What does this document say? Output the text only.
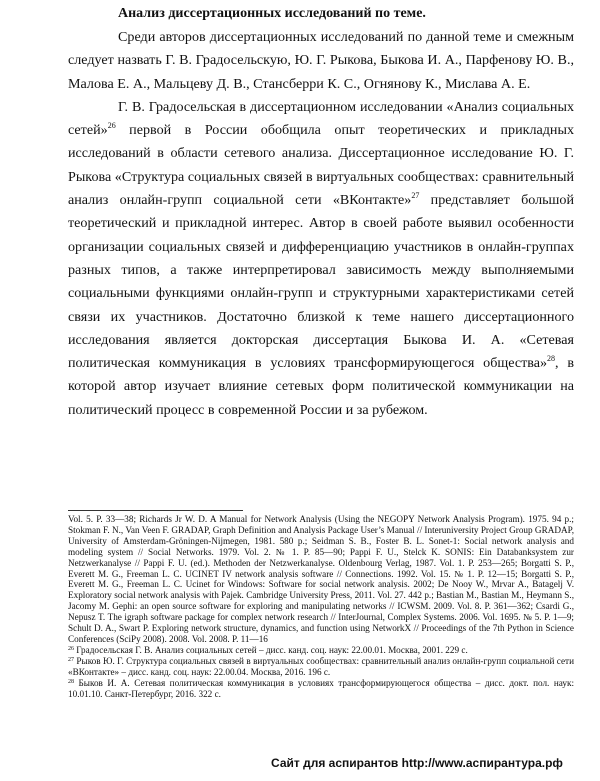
Анализ диссертационных исследований по теме.

Среди авторов диссертационных исследований по данной теме и смежным следует назвать Г. В. Градосельскую, Ю. Г. Рыкова, Быкова И. А., Парфенову Ю. В., Малова Е. А., Мальцеву Д. В., Стансберри К. С., Огнянову К., Мислава А. Е.

Г. В. Градосельская в диссертационном исследовании «Анализ социальных сетей»$^{26}$ первой в России обобщила опыт теоретических и прикладных исследований в области сетевого анализа. Диссертационное исследование Ю. Г. Рыкова «Структура социальных связей в виртуальных сообществах: сравнительный анализ онлайн-групп социальной сети «ВКонтакте»$^{27}$ представляет большой теоретический и прикладной интерес. Автор в своей работе выявил особенности организации социальных связей и дифференциацию участников в онлайн-группах разных типов, а также интерпретировал зависимость между выполняемыми социальными функциями онлайн-групп и структурными характеристиками сетей связи их участников. Достаточно близкой к теме нашего диссертационного исследования является докторская диссертация Быкова И. А. «Сетевая политическая коммуникация в условиях трансформирующегося общества»$^{28}$, в которой автор изучает влияние сетевых форм политической коммуникации на политический процесс в современной России и за рубежом.

Vol. 5. P. 33—38; Richards Jr W. D. A Manual for Network Analysis (Using the NEGOPY Network Analysis Program). 1975. 94 p.; Stokman F. N., Van Veen F. GRADAP, Graph Definition and Analysis Package User’s Manual // Interuniversity Project Group GRADAP, University of Amsterdam-Gröningen-Nijmegen, 1981. 580 p.; Seidman S. B., Foster B. L. Sonet-1: Social network analysis and modeling system // Social Networks. 1979. Vol. 2. № 1. P. 85—90; Pappi F. U., Stelck K. SONIS: Ein Databanksystem zur Netzwerkanalyse // Pappi F. U. (ed.). Methoden der Netzwerkanalyse. Oldenbourg Verlag, 1987. Vol. 1. P. 253—265; Borgatti S. P., Everett M. G., Freeman L. C. UCINET IV network analysis software // Connections. 1992. Vol. 15. № 1. P. 12—15; Borgatti S. P., Everett M. G., Freeman L. C. Ucinet for Windows: Software for social network analysis. 2002; De Nooy W., Mrvar A., Batagelj V. Exploratory social network analysis with Pajek. Cambridge University Press, 2011. Vol. 27. 442 p.; Bastian M., Bastian M., Heymann S., Jacomy M. Gephi: an open source software for exploring and manipulating networks // ICWSM. 2009. Vol. 8. P. 361—362; Csardi G., Nepusz T. The igraph software package for complex network research // InterJournal, Complex Systems. 2006. Vol. 1695. № 5. P. 1—9; Schult D. A., Swart P. Exploring network structure, dynamics, and function using NetworkX // Proceedings of the 7th Python in Science Conferences (SciPy 2008). 2008. Vol. 2008. P. 11—16

$^{26}$ Градосельская Г. В. Анализ социальных сетей – дисс. канд. соц. наук: 22.00.01. Москва, 2001. 229 с.

$^{27}$ Рыков Ю. Г. Структура социальных связей в виртуальных сообществах: сравнительный анализ онлайн-групп социальной сети «ВКонтакте» – дисс. канд. соц. наук: 22.00.04. Москва, 2016. 196 с.

$^{28}$ Быков И. А. Сетевая политическая коммуникация в условиях трансформирующегося общества – дисс. докт. пол. наук: 10.01.10. Санкт-Петербург, 2016. 322 с.

Сайт для аспирантов http://www.аспирантура.рф
